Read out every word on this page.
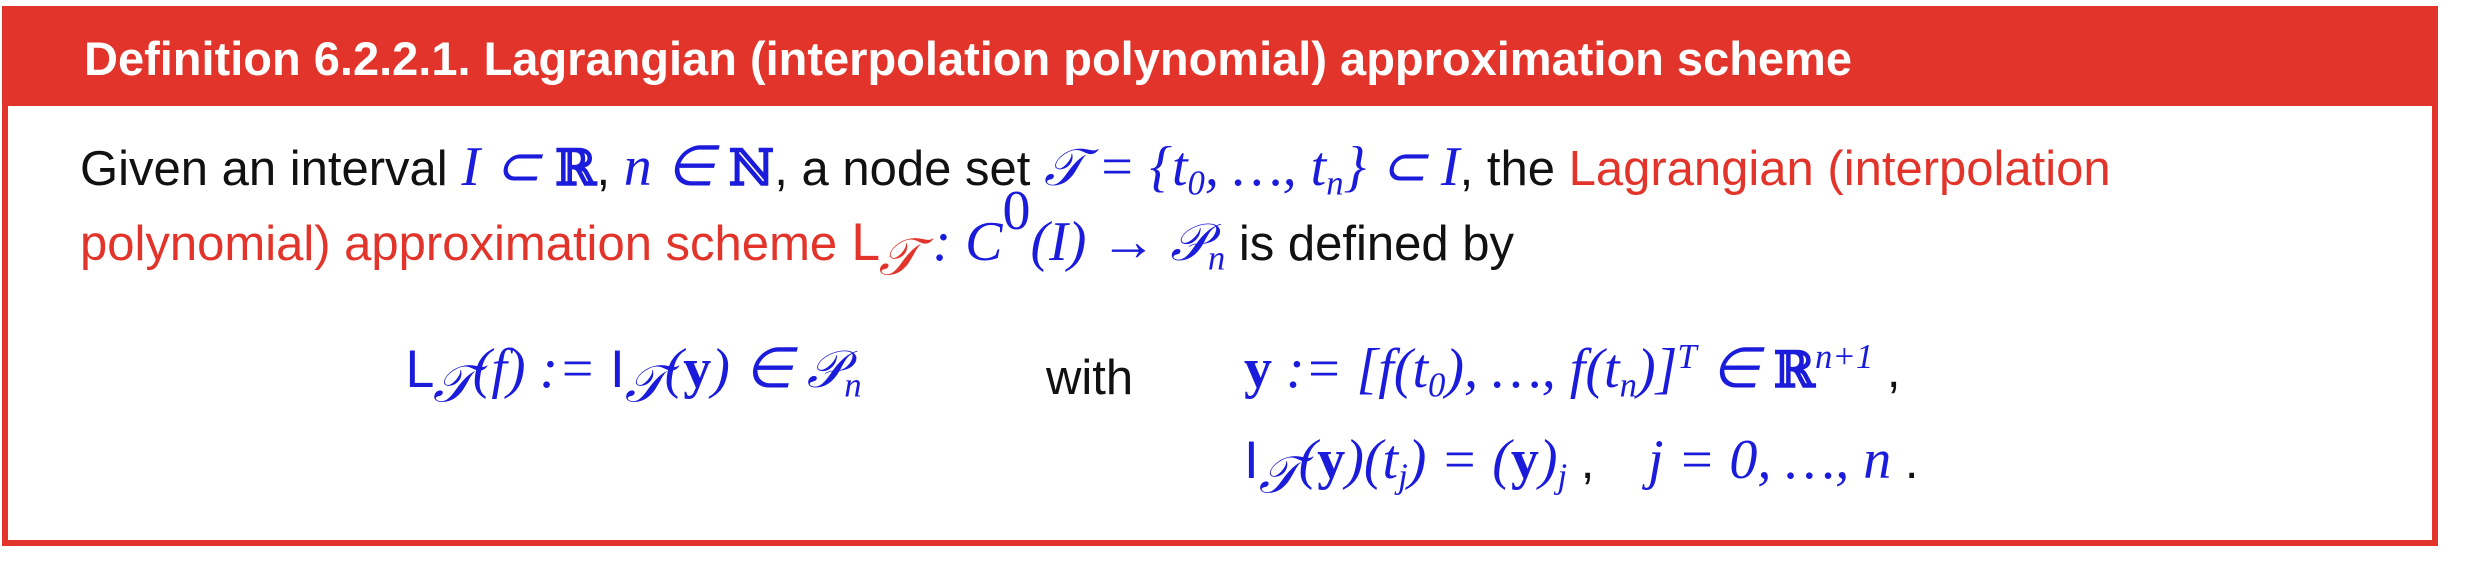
Definition 6.2.2.1. Lagrangian (interpolation polynomial) approximation scheme
Given an interval I ⊂ ℝ, n ∈ ℕ, a node set 𝒯 = {$t_0$, …, $t_n$} ⊂ I, the Lagrangian (interpolation
polynomial) approximation scheme $L_𝒯$ : $C^0(I)$ → 𝒫$_n$ is defined by
$L_𝒯(f)$ := $I_𝒯(y)$ ∈ 𝒫$_n$	with y := [$f(t_0)$, …, $f(t_n)]^T$ ∈ ℝ$^{n+1}$ ,
$I_𝒯(y)(t_j) = (y)_j$ , j = 0, …, n .
